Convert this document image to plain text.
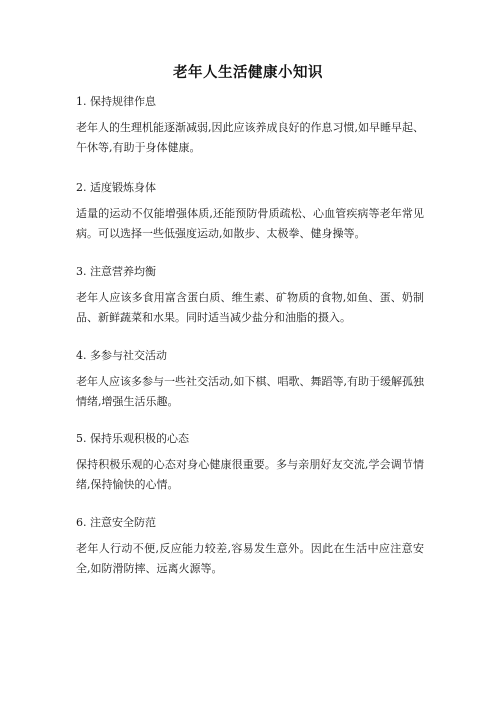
老年人生活健康小知识
1. 保持规律作息
老年人的生理机能逐渐减弱,因此应该养成良好的作息习惯,如早睡早起、午休等,有助于身体健康。
2. 适度锻炼身体
适量的运动不仅能增强体质,还能预防骨质疏松、心血管疾病等老年常见病。可以选择一些低强度运动,如散步、太极拳、健身操等。
3. 注意营养均衡
老年人应该多食用富含蛋白质、维生素、矿物质的食物,如鱼、蛋、奶制品、新鲜蔬菜和水果。同时适当减少盐分和油脂的摄入。
4. 多参与社交活动
老年人应该多参与一些社交活动,如下棋、唱歌、舞蹈等,有助于缓解孤独情绪,增强生活乐趣。
5. 保持乐观积极的心态
保持积极乐观的心态对身心健康很重要。多与亲朋好友交流,学会调节情绪,保持愉快的心情。
6. 注意安全防范
老年人行动不便,反应能力较差,容易发生意外。因此在生活中应注意安全,如防滑防摔、远离火源等。
